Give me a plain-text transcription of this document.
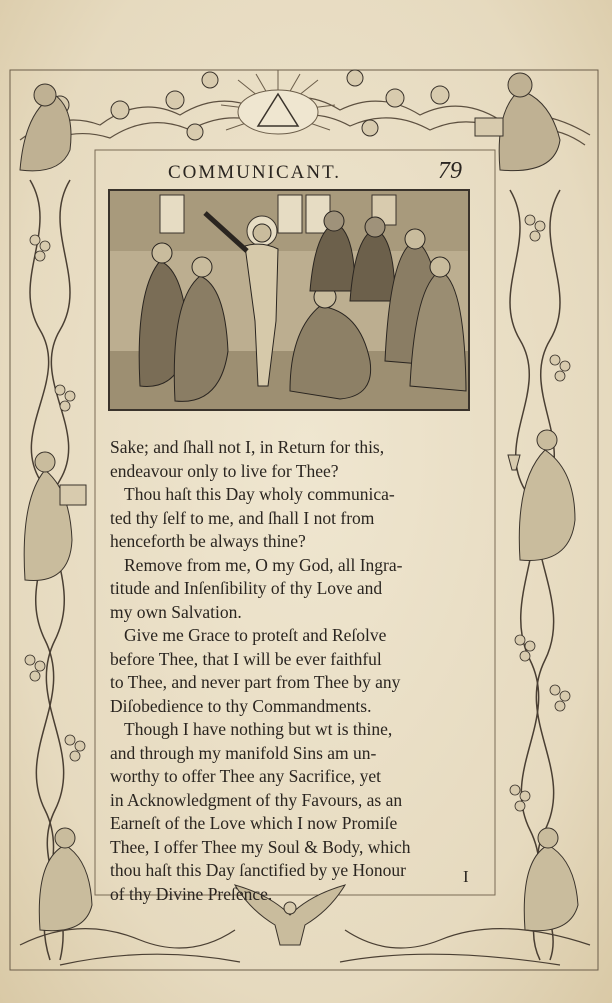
COMMUNICANT.	79
Sake; and ſhall not I, in Return for this,
endeavour only to live for Thee?
Thou haſt this Day wholy communica-
ted thy ſelf to me, and ſhall I not from
henceforth be always thine?
Remove from me, O my God, all Ingra-
titude and Inſenſibility of thy Love and
my own Salvation.
Give me Grace to proteſt and Reſolve
before Thee, that I will be ever faithful
to Thee, and never part from Thee by any
Diſobedience to thy Commandments.
Though I have nothing but wt is thine,
and through my manifold Sins am un-
worthy to offer Thee any Sacrifice, yet
in Acknowledgment of thy Favours, as an
Earneſt of the Love which I now Promiſe
Thee, I offer Thee my Soul & Body, which
thou haſt this Day ſanctified by ye Honour
of thy Divine Preſence.
I
